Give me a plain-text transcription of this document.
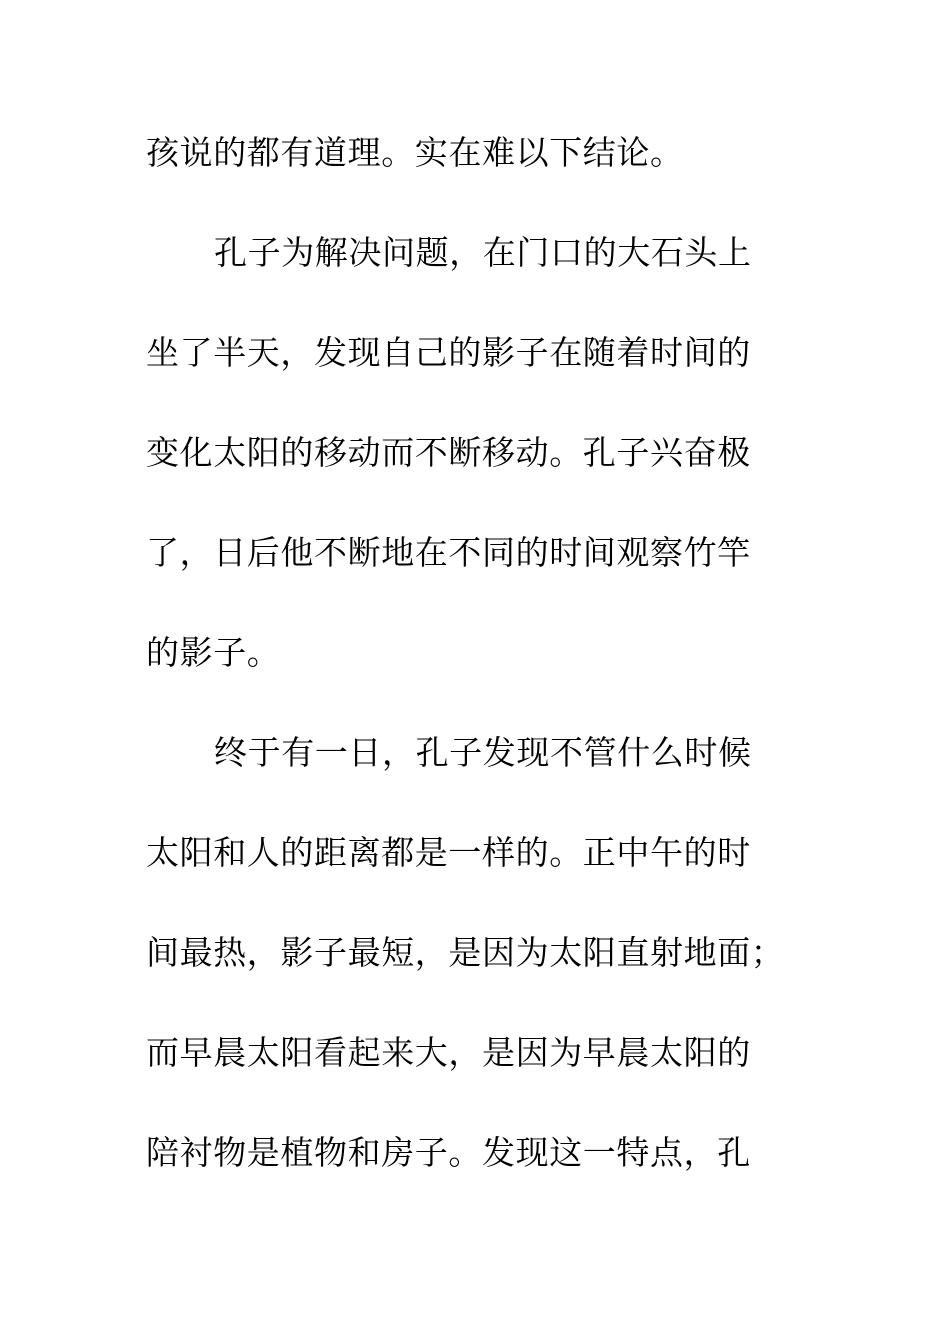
孩说的都有道理。实在难以下结论。
孔子为解决问题，在门口的大石头上
坐了半天，发现自己的影子在随着时间的
变化太阳的移动而不断移动。孔子兴奋极
了，日后他不断地在不同的时间观察竹竿
的影子。
终于有一日，孔子发现不管什么时候
太阳和人的距离都是一样的。正中午的时
间最热，影子最短，是因为太阳直射地面；
而早晨太阳看起来大，是因为早晨太阳的
陪衬物是植物和房子。发现这一特点，孔
